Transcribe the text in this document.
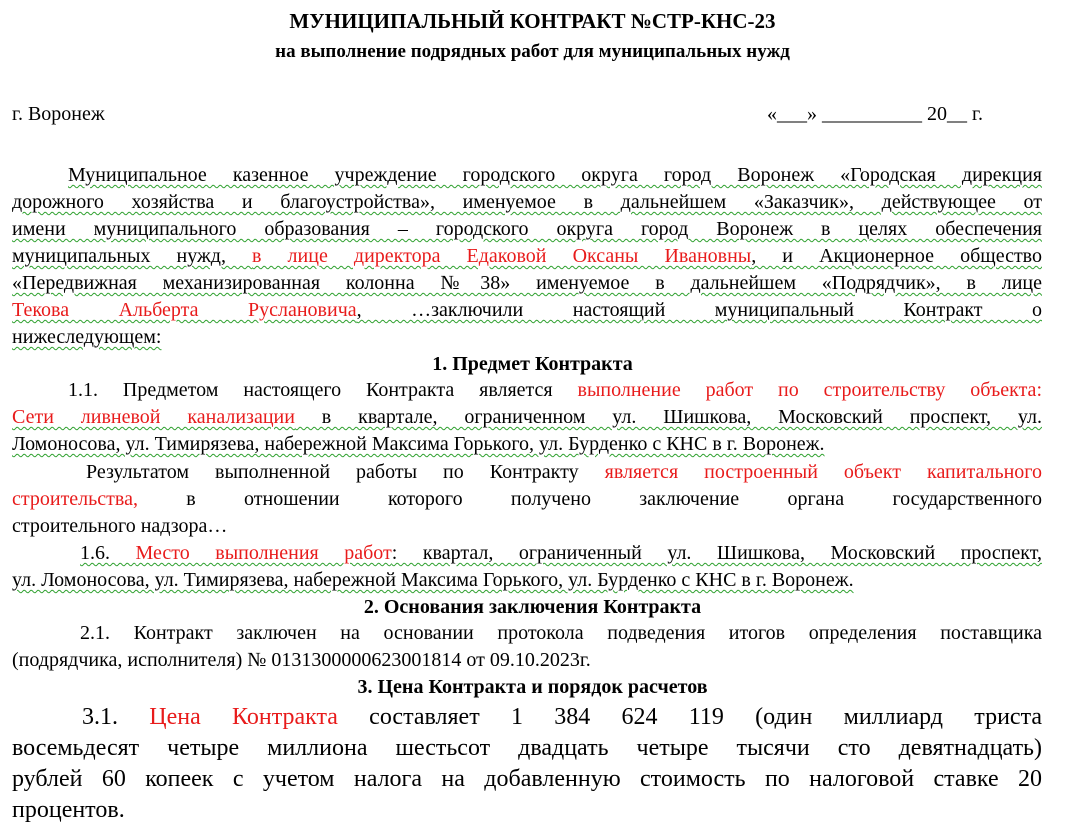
МУНИЦИПАЛЬНЫЙ КОНТРАКТ №СТР-КНС-23
на выполнение подрядных работ для муниципальных нужд
г. Воронеж	«___» __________ 20__ г.
Муниципальное казенное учреждение городского округа город Воронеж «Городская дирекция
дорожного хозяйства и благоустройства», именуемое в дальнейшем «Заказчик», действующее от
имени муниципального образования – городского округа город Воронеж в целях обеспечения
муниципальных нужд, в лице директора Едаковой Оксаны Ивановны, и Акционерное общество
«Передвижная механизированная колонна №38» именуемое в дальнейшем «Подрядчик», в лице
Текова Альберта Руслановича, …заключили настоящий муниципальный Контракт о
нижеследующем:
1. Предмет Контракта
1.1. Предметом настоящего Контракта является выполнение работ по строительству объекта:
Сети ливневой канализации в квартале, ограниченном ул. Шишкова, Московский проспект, ул.
Ломоносова, ул. Тимирязева, набережной Максима Горького, ул. Бурденко с КНС в г. Воронеж.
Результатом выполненной работы по Контракту является построенный объект капитального
строительства, в отношении которого получено заключение органа государственного
строительного надзора…
1.6. Место выполнения работ: квартал, ограниченный ул. Шишкова, Московский проспект,
ул. Ломоносова, ул. Тимирязева, набережной Максима Горького, ул. Бурденко с КНС в г. Воронеж.
2. Основания заключения Контракта
2.1. Контракт заключен на основании протокола подведения итогов определения поставщика
(подрядчика, исполнителя) № 0131300000623001814 от 09.10.2023г.
3. Цена Контракта и порядок расчетов
3.1. Цена Контракта составляет 1 384 624 119 (один миллиард триста
восемьдесят четыре миллиона шестьсот двадцать четыре тысячи сто девятнадцать)
рублей 60 копеек с учетом налога на добавленную стоимость по налоговой ставке 20
процентов.
